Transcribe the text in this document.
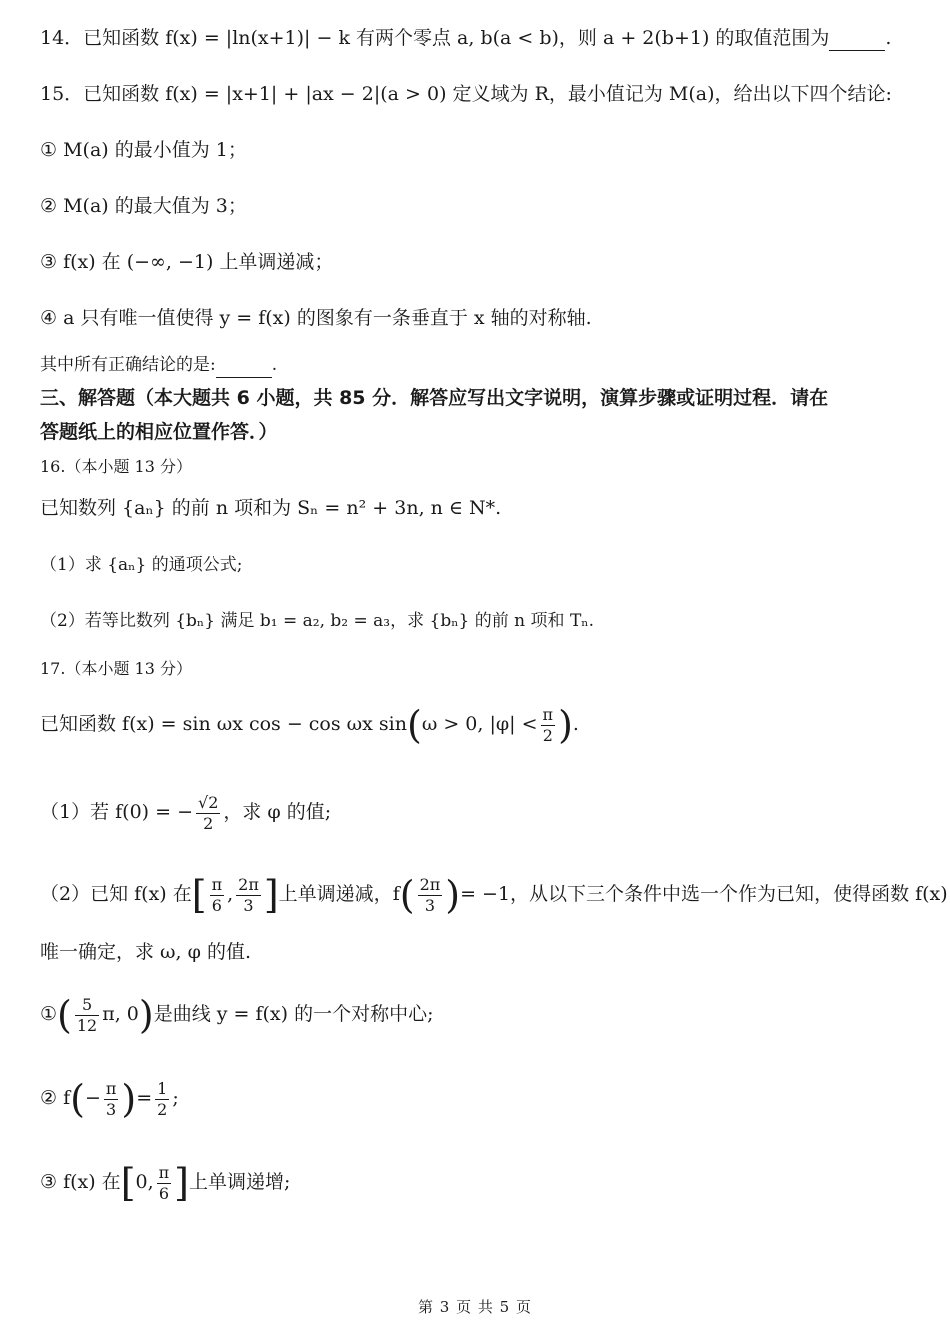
14．已知函数 f(x) = |ln(x+1)| − k 有两个零点 a, b(a < b)，则 a + 2(b+1) 的取值范围为	.
15．已知函数 f(x) = |x+1| + |ax − 2|(a > 0) 定义域为 R，最小值记为 M(a)，给出以下四个结论:
① M(a) 的最小值为 1；
② M(a) 的最大值为 3；
③ f(x) 在 (−∞, −1) 上单调递减；
④ a 只有唯一值使得 y = f(x) 的图象有一条垂直于 x 轴的对称轴.
其中所有正确结论的是:	.
三、解答题（本大题共 6 小题，共 85 分．解答应写出文字说明，演算步骤或证明过程．请在
答题纸上的相应位置作答．）
16.（本小题 13 分）
已知数列 {aₙ} 的前 n 项和为 Sₙ = n² + 3n, n ∈ N*.
（1）求 {aₙ} 的通项公式;
（2）若等比数列 {bₙ} 满足 b₁ = a₂, b₂ = a₃，求 {bₙ} 的前 n 项和 Tₙ.
17.（本小题 13 分）
已知函数 f(x) = sin ωx cos − cos ωx sin(ω > 0, $|\varphi| < \frac{\pi}{2}$ ).
（1）若 f(0) = − $\frac{√2}{2}$ ，求 φ 的值;
（2）已知 f(x) 在[ $\frac{\pi}{6}$ , $\frac{2\pi}{3}$ ]上单调递减，$f( \frac{2\pi}{3}$ )= −1，从以下三个条件中选一个作为已知，使得函数 f(x)
唯一确定，求 ω, φ 的值.
①( $\frac{5}{12} \pi$, 0)是曲线 y = f(x) 的一个对称中心;
② $f(- \frac{\pi}{3}$ )= $\frac{1}{2}$ ;
③ f(x) 在[0, $\frac{\pi}{6}$ ]上单调递增;
第 3 页 共 5 页
